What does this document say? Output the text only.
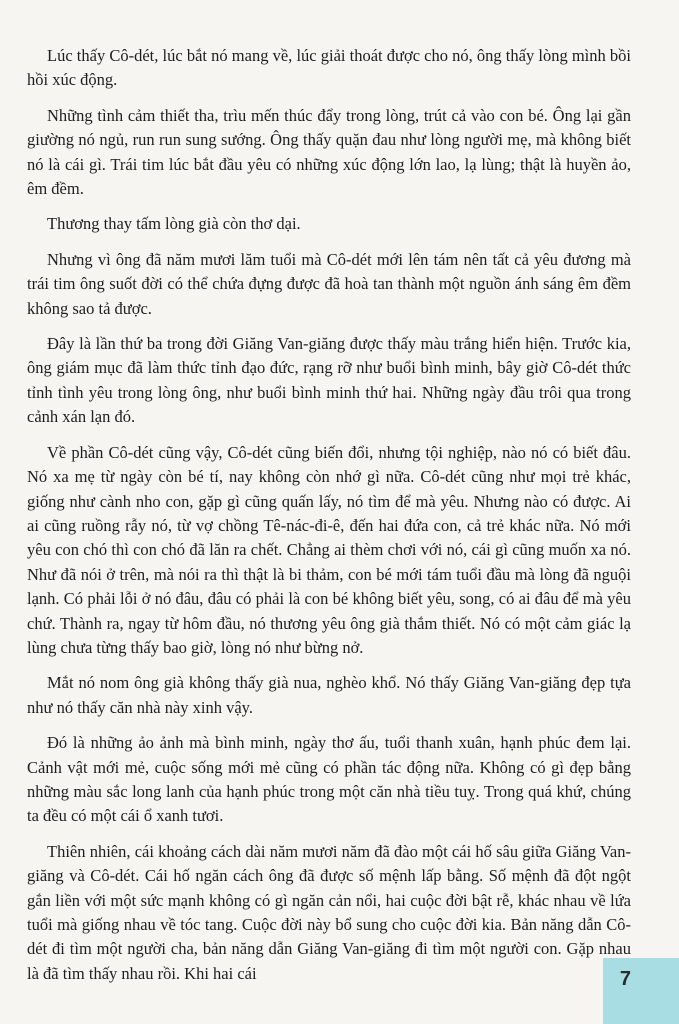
Lúc thấy Cô-dét, lúc bắt nó mang về, lúc giải thoát được cho nó, ông thấy lòng mình bồi hồi xúc động.

Những tình cảm thiết tha, trìu mến thúc đẩy trong lòng, trút cả vào con bé. Ông lại gần giường nó ngủ, run run sung sướng. Ông thấy quặn đau như lòng người mẹ, mà không biết nó là cái gì. Trái tim lúc bắt đầu yêu có những xúc động lớn lao, lạ lùng; thật là huyền ảo, êm đềm.

Thương thay tấm lòng già còn thơ dại.

Nhưng vì ông đã năm mươi lăm tuổi mà Cô-dét mới lên tám nên tất cả yêu đương mà trái tim ông suốt đời có thể chứa đựng được đã hoà tan thành một nguồn ánh sáng êm đềm không sao tả được.

Đây là lần thứ ba trong đời Giăng Van-giăng được thấy màu trắng hiển hiện. Trước kia, ông giám mục đã làm thức tỉnh đạo đức, rạng rỡ như buổi bình minh, bây giờ Cô-dét thức tỉnh tình yêu trong lòng ông, như buổi bình minh thứ hai. Những ngày đầu trôi qua trong cảnh xán lạn đó.

Về phần Cô-dét cũng vậy, Cô-dét cũng biến đổi, nhưng tội nghiệp, nào nó có biết đâu. Nó xa mẹ từ ngày còn bé tí, nay không còn nhớ gì nữa. Cô-dét cũng như mọi trẻ khác, giống như cành nho con, gặp gì cũng quấn lấy, nó tìm để mà yêu. Nhưng nào có được. Ai ai cũng ruồng rẫy nó, từ vợ chồng Tê-nác-đi-ê, đến hai đứa con, cả trẻ khác nữa. Nó mới yêu con chó thì con chó đã lăn ra chết. Chẳng ai thèm chơi với nó, cái gì cũng muốn xa nó. Như đã nói ở trên, mà nói ra thì thật là bi thảm, con bé mới tám tuổi đầu mà lòng đã nguội lạnh. Có phải lỗi ở nó đâu, đâu có phải là con bé không biết yêu, song, có ai đâu để mà yêu chứ. Thành ra, ngay từ hôm đầu, nó thương yêu ông già thắm thiết. Nó có một cảm giác lạ lùng chưa từng thấy bao giờ, lòng nó như bừng nở.

Mắt nó nom ông già không thấy già nua, nghèo khổ. Nó thấy Giăng Van-giăng đẹp tựa như nó thấy căn nhà này xinh vậy.

Đó là những ảo ảnh mà bình minh, ngày thơ ấu, tuổi thanh xuân, hạnh phúc đem lại. Cảnh vật mới mẻ, cuộc sống mới mẻ cũng có phần tác động nữa. Không có gì đẹp bằng những màu sắc long lanh của hạnh phúc trong một căn nhà tiều tuỵ. Trong quá khứ, chúng ta đều có một cái ổ xanh tươi.

Thiên nhiên, cái khoảng cách dài năm mươi năm đã đào một cái hố sâu giữa Giăng Van-giăng và Cô-dét. Cái hố ngăn cách ông đã được số mệnh lấp bằng. Số mệnh đã đột ngột gắn liền với một sức mạnh không có gì ngăn cản nổi, hai cuộc đời bật rễ, khác nhau về lứa tuổi mà giống nhau về tóc tang. Cuộc đời này bổ sung cho cuộc đời kia. Bản năng dẫn Cô-dét đi tìm một người cha, bản năng dẫn Giăng Van-giăng đi tìm một người con. Gặp nhau là đã tìm thấy nhau rồi. Khi hai cái	7
